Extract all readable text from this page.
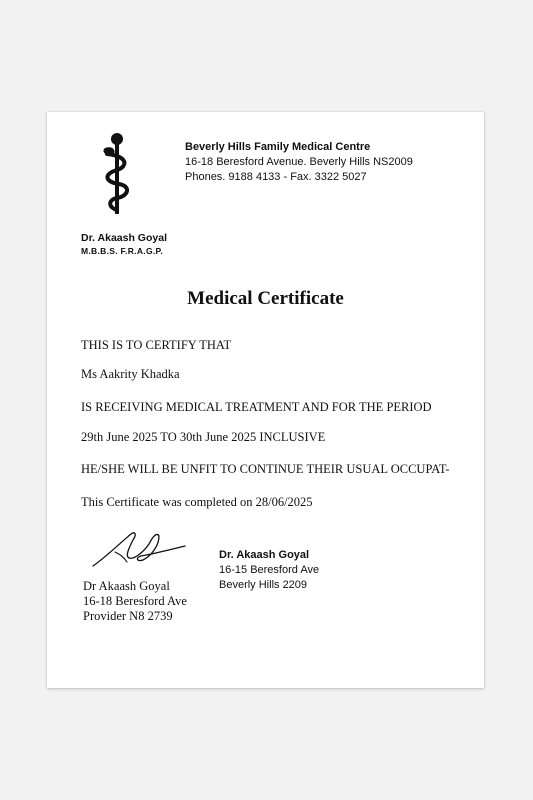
Beverly Hills Family Medical Centre
16-18 Beresford Avenue. Beverly Hills NS2009
Phones. 9188 4133 - Fax. 3322 5027
Dr. Akaash Goyal
M.B.B.S. F.R.A.G.P.
Medical Certificate
THIS IS TO CERTIFY THAT
Ms Aakrity Khadka
IS RECEIVING MEDICAL TREATMENT AND FOR THE PERIOD
29th June 2025 TO 30th June 2025 INCLUSIVE
HE/SHE WILL BE UNFIT TO CONTINUE THEIR USUAL OCCUPAT-
This Certificate was completed on 28/06/2025
Dr Akaash Goyal
16-18 Beresford Ave
Provider N8 2739
Dr. Akaash Goyal
16-15 Beresford Ave
Beverly Hills 2209
